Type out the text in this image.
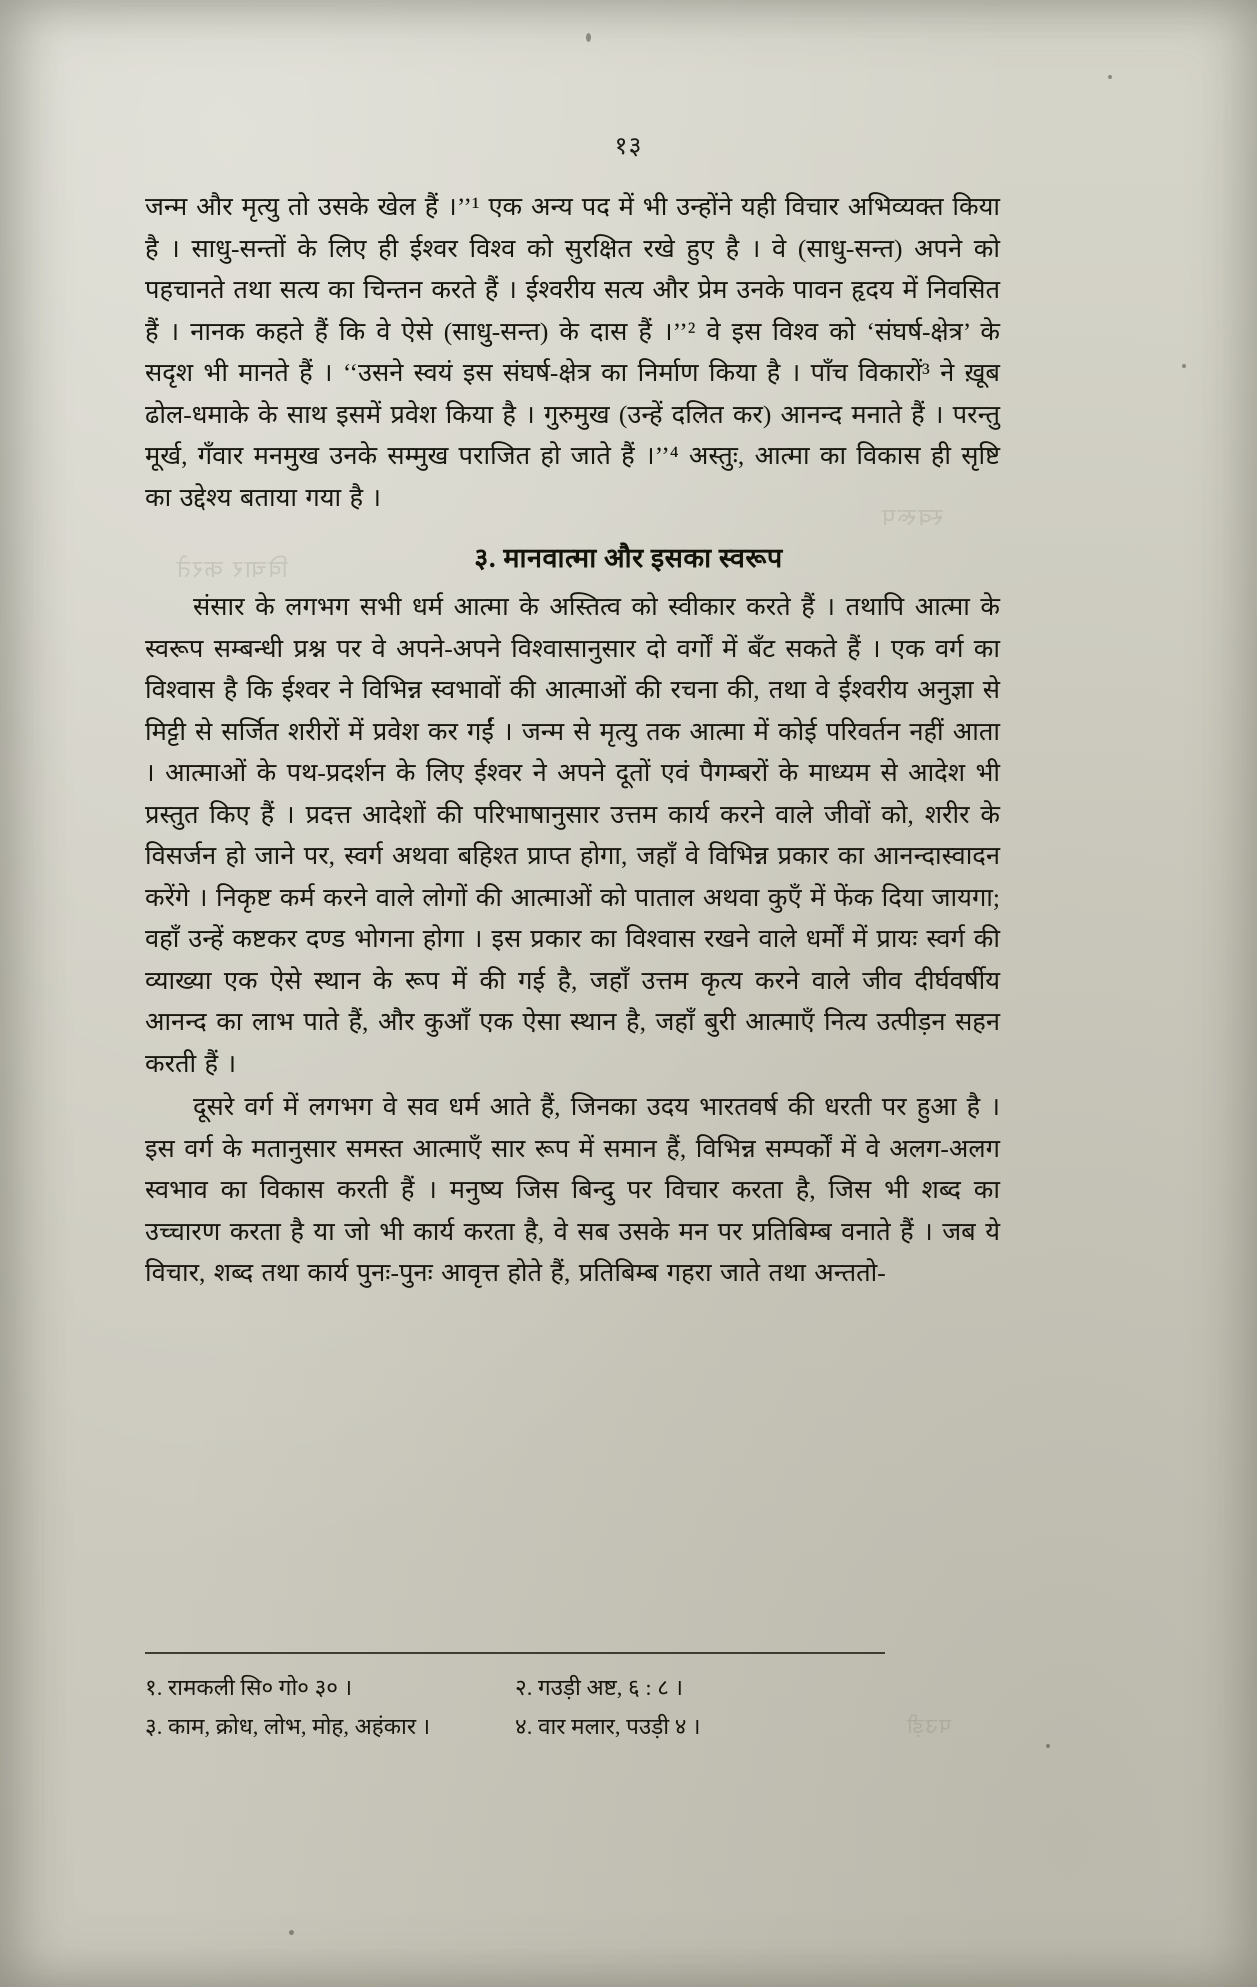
स्वरूप
विचार करते
पउड़ी
१३

जन्म और मृत्यु तो उसके खेल हैं ।’’¹ एक अन्य पद में भी उन्होंने यही विचार अभिव्यक्त किया है । साधु-सन्तों के लिए ही ईश्वर विश्व को सुरक्षित रखे हुए है । वे (साधु-सन्त) अपने को पहचानते तथा सत्य का चिन्तन करते हैं । ईश्वरीय सत्य और प्रेम उनके पावन हृदय में निवसित हैं । नानक कहते हैं कि वे ऐसे (साधु-सन्त) के दास हैं ।’’² वे इस विश्व को ‘संघर्ष-क्षेत्र’ के सदृश भी मानते हैं । ‘‘उसने स्वयं इस संघर्ष-क्षेत्र का निर्माण किया है । पाँच विकारों³ ने ख़ूब ढोल-धमाके के साथ इसमें प्रवेश किया है । गुरुमुख (उन्हें दलित कर) आनन्द मनाते हैं । परन्तु मूर्ख, गँवार मनमुख उनके सम्मुख पराजित हो जाते हैं ।’’⁴ अस्तुः, आत्मा का विकास ही सृष्टि का उद्देश्य बताया गया है ।

३. मानवात्मा और इसका स्वरूप

संसार के लगभग सभी धर्म आत्मा के अस्तित्व को स्वीकार करते हैं । तथापि आत्मा के स्वरूप सम्बन्धी प्रश्न पर वे अपने-अपने विश्वासानुसार दो वर्गों में बँट सकते हैं । एक वर्ग का विश्वास है कि ईश्वर ने विभिन्न स्वभावों की आत्माओं की रचना की, तथा वे ईश्वरीय अनुज्ञा से मिट्टी से सर्जित शरीरों में प्रवेश कर गईं । जन्म से मृत्यु तक आत्मा में कोई परिवर्तन नहीं आता । आत्माओं के पथ-प्रदर्शन के लिए ईश्वर ने अपने दूतों एवं पैगम्बरों के माध्यम से आदेश भी प्रस्तुत किए हैं । प्रदत्त आदेशों की परिभाषानुसार उत्तम कार्य करने वाले जीवों को, शरीर के विसर्जन हो जाने पर, स्वर्ग अथवा बहिश्त प्राप्त होगा, जहाँ वे विभिन्न प्रकार का आनन्दास्वादन करेंगे । निकृष्ट कर्म करने वाले लोगों की आत्माओं को पाताल अथवा कुएँ में फेंक दिया जायगा; वहाँ उन्हें कष्टकर दण्ड भोगना होगा । इस प्रकार का विश्वास रखने वाले धर्मों में प्रायः स्वर्ग की व्याख्या एक ऐसे स्थान के रूप में की गई है, जहाँ उत्तम कृत्य करने वाले जीव दीर्घवर्षीय आनन्द का लाभ पाते हैं, और कुआँ एक ऐसा स्थान है, जहाँ बुरी आत्माएँ नित्य उत्पीड़न सहन करती हैं ।

दूसरे वर्ग में लगभग वे सव धर्म आते हैं, जिनका उदय भारतवर्ष की धरती पर हुआ है । इस वर्ग के मतानुसार समस्त आत्माएँ सार रूप में समान हैं, विभिन्न सम्पर्कों में वे अलग-अलग स्वभाव का विकास करती हैं । मनुष्य जिस बिन्दु पर विचार करता है, जिस भी शब्द का उच्चारण करता है या जो भी कार्य करता है, वे सब उसके मन पर प्रतिबिम्ब वनाते हैं । जब ये विचार, शब्द तथा कार्य पुनः-पुनः आवृत्त होते हैं, प्रतिबिम्ब गहरा जाते तथा अन्ततो-

१. रामकली सि० गो० ३० ।	२. गउड़ी अष्ट, ६ : ८ ।
३. काम, क्रोध, लोभ, मोह, अहंकार ।	४. वार मलार, पउड़ी ४ ।
